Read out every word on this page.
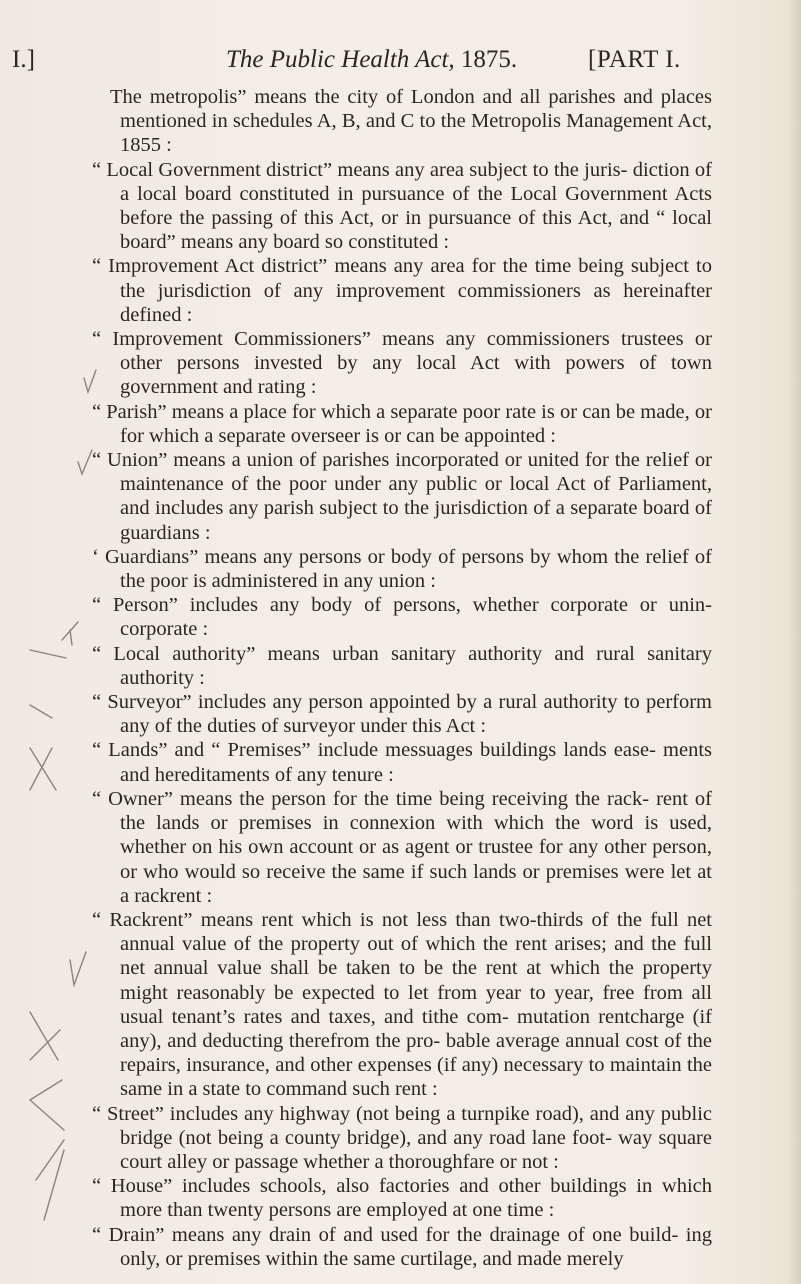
I.]	The Public Health Act, 1875.	[PART I.

The metropolis” means the city of London and all parishes and places mentioned in schedules A, B, and C to the Metropolis Management Act, 1855 :

“ Local Government district” means any area subject to the juris- diction of a local board constituted in pursuance of the Local Government Acts before the passing of this Act, or in pursuance of this Act, and “ local board” means any board so constituted :

“ Improvement Act district” means any area for the time being subject to the jurisdiction of any improvement commissioners as hereinafter defined :

“ Improvement Commissioners” means any commissioners trustees or other persons invested by any local Act with powers of town government and rating :

“ Parish” means a place for which a separate poor rate is or can be made, or for which a separate overseer is or can be appointed :

“ Union” means a union of parishes incorporated or united for the relief or maintenance of the poor under any public or local Act of Parliament, and includes any parish subject to the jurisdiction of a separate board of guardians :

‘ Guardians” means any persons or body of persons by whom the relief of the poor is administered in any union :

“ Person” includes any body of persons, whether corporate or unin- corporate :

“ Local authority” means urban sanitary authority and rural sanitary authority :

“ Surveyor” includes any person appointed by a rural authority to perform any of the duties of surveyor under this Act :

“ Lands” and “ Premises” include messuages buildings lands ease- ments and hereditaments of any tenure :

“ Owner” means the person for the time being receiving the rack- rent of the lands or premises in connexion with which the word is used, whether on his own account or as agent or trustee for any other person, or who would so receive the same if such lands or premises were let at a rackrent :

“ Rackrent” means rent which is not less than two-thirds of the full net annual value of the property out of which the rent arises; and the full net annual value shall be taken to be the rent at which the property might reasonably be expected to let from year to year, free from all usual tenant’s rates and taxes, and tithe com- mutation rentcharge (if any), and deducting therefrom the pro- bable average annual cost of the repairs, insurance, and other expenses (if any) necessary to maintain the same in a state to command such rent :

“ Street” includes any highway (not being a turnpike road), and any public bridge (not being a county bridge), and any road lane foot- way square court alley or passage whether a thoroughfare or not :

“ House” includes schools, also factories and other buildings in which more than twenty persons are employed at one time :

“ Drain” means any drain of and used for the drainage of one build- ing only, or premises within the same curtilage, and made merely
